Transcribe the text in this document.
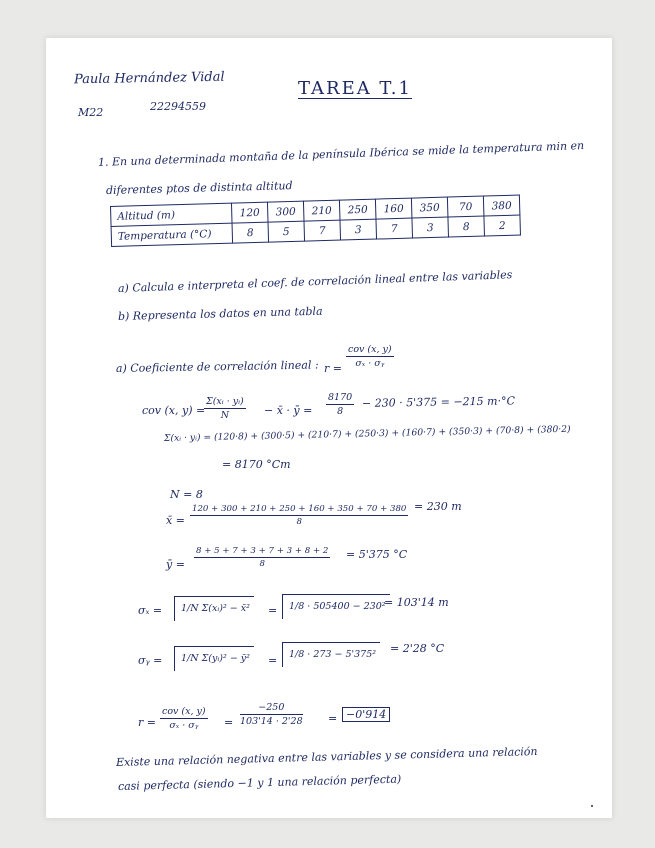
Paula Hernández Vidal
M22	22294559
TAREA T.1
1. En una determinada montaña de la península Ibérica se mide la temperatura min en
diferentes ptos de distinta altitud
Altitud (m)	120	300	210	250	160	350	70	380
Temperatura (°C)	8	5	7	3	7	3	8	2
a) Calcula e interpreta el coef. de correlación lineal entre las variables
b) Representa los datos en una tabla
a) Coeficiente de correlación lineal : r =
cov (x, y)
σₓ · σᵧ
cov (x, y) =
$\frac{\text{Σ(xᵢ · yᵢ)}}{N}$ − x̄ · ȳ = $\frac{8170}{8} - 230 \cdot 5'375 = -215$ m·°C
Σ(xᵢ · yᵢ) = (120·8) + (300·5) + (210·7) + (250·3) + (160·7) + (350·3) + (70·8) + (380·2)
= 8170 °Cm
N = 8
x̄ = $\frac{120 + 300 + 210 + 250 + 160 + 350 + 70 + 380}{8} = 230$ m
ȳ = $\frac{8 + 5 + 7 + 3 + 7 + 3 + 8 + 2}{8} = 5'375$ °C
σₓ =	1/N Σ(xᵢ)² − x̄²	=	1/8 · 505400 − 230²
= 103'14 m
σᵧ =	1/N Σ(yᵢ)² − ȳ²	=	1/8 · 273 − 5'375²	= 2'28 °C
r =
cov (x, y)
σₓ · σᵧ	= $\frac{-250}{103'14 \cdot 2'28} = -0'914$
Existe una relación negativa entre las variables y se considera una relación
casi perfecta (siendo −1 y 1 una relación perfecta)
